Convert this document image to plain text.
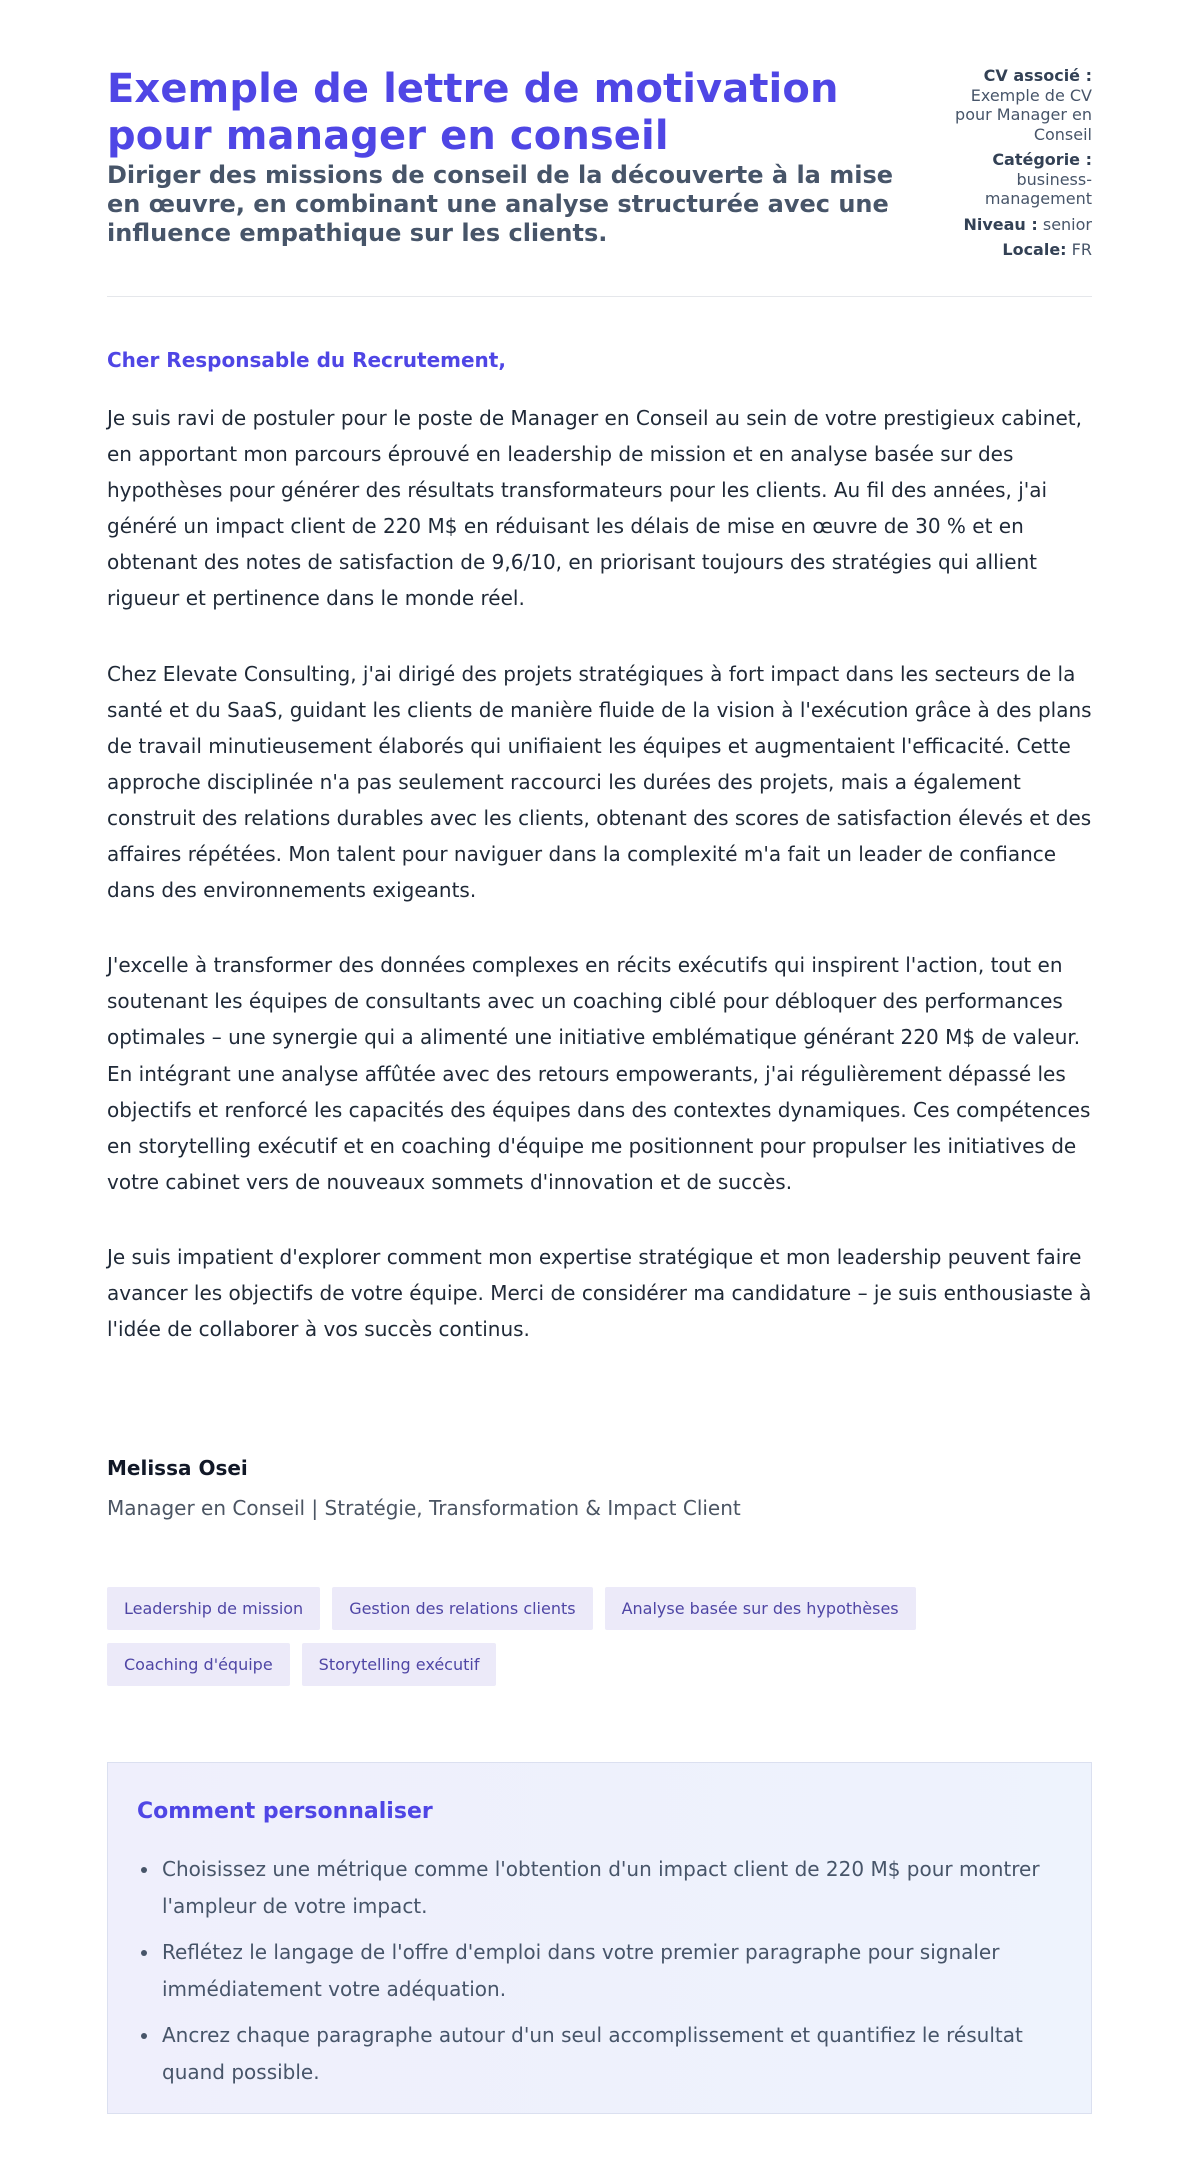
Exemple de lettre de motivation pour manager en conseil
Diriger des missions de conseil de la découverte à la mise en œuvre, en combinant une analyse structurée avec une influence empathique sur les clients.
CV associé :
Exemple de CV pour Manager en Conseil
Catégorie :
business-management
Niveau : senior
Locale: FR
Cher Responsable du Recrutement,

Je suis ravi de postuler pour le poste de Manager en Conseil au sein de votre prestigieux cabinet, en apportant mon parcours éprouvé en leadership de mission et en analyse basée sur des hypothèses pour générer des résultats transformateurs pour les clients. Au fil des années, j'ai généré un impact client de 220 M$ en réduisant les délais de mise en œuvre de 30 % et en obtenant des notes de satisfaction de 9,6/10, en priorisant toujours des stratégies qui allient rigueur et pertinence dans le monde réel.

Chez Elevate Consulting, j'ai dirigé des projets stratégiques à fort impact dans les secteurs de la santé et du SaaS, guidant les clients de manière fluide de la vision à l'exécution grâce à des plans de travail minutieusement élaborés qui unifiaient les équipes et augmentaient l'efficacité. Cette approche disciplinée n'a pas seulement raccourci les durées des projets, mais a également construit des relations durables avec les clients, obtenant des scores de satisfaction élevés et des affaires répétées. Mon talent pour naviguer dans la complexité m'a fait un leader de confiance dans des environnements exigeants.

J'excelle à transformer des données complexes en récits exécutifs qui inspirent l'action, tout en soutenant les équipes de consultants avec un coaching ciblé pour débloquer des performances optimales – une synergie qui a alimenté une initiative emblématique générant 220 M$ de valeur. En intégrant une analyse affûtée avec des retours empowerants, j'ai régulièrement dépassé les objectifs et renforcé les capacités des équipes dans des contextes dynamiques. Ces compétences en storytelling exécutif et en coaching d'équipe me positionnent pour propulser les initiatives de votre cabinet vers de nouveaux sommets d'innovation et de succès.

Je suis impatient d'explorer comment mon expertise stratégique et mon leadership peuvent faire avancer les objectifs de votre équipe. Merci de considérer ma candidature – je suis enthousiaste à l'idée de collaborer à vos succès continus.

Melissa Osei
Manager en Conseil | Stratégie, Transformation & Impact Client
Leadership de mission	Gestion des relations clients	Analyse basée sur des hypothèses
Coaching d'équipe	Storytelling exécutif
Comment personnaliser
Choisissez une métrique comme l'obtention d'un impact client de 220 M$ pour montrer l'ampleur de votre impact.
Reflétez le langage de l'offre d'emploi dans votre premier paragraphe pour signaler immédiatement votre adéquation.
Ancrez chaque paragraphe autour d'un seul accomplissement et quantifiez le résultat quand possible.
